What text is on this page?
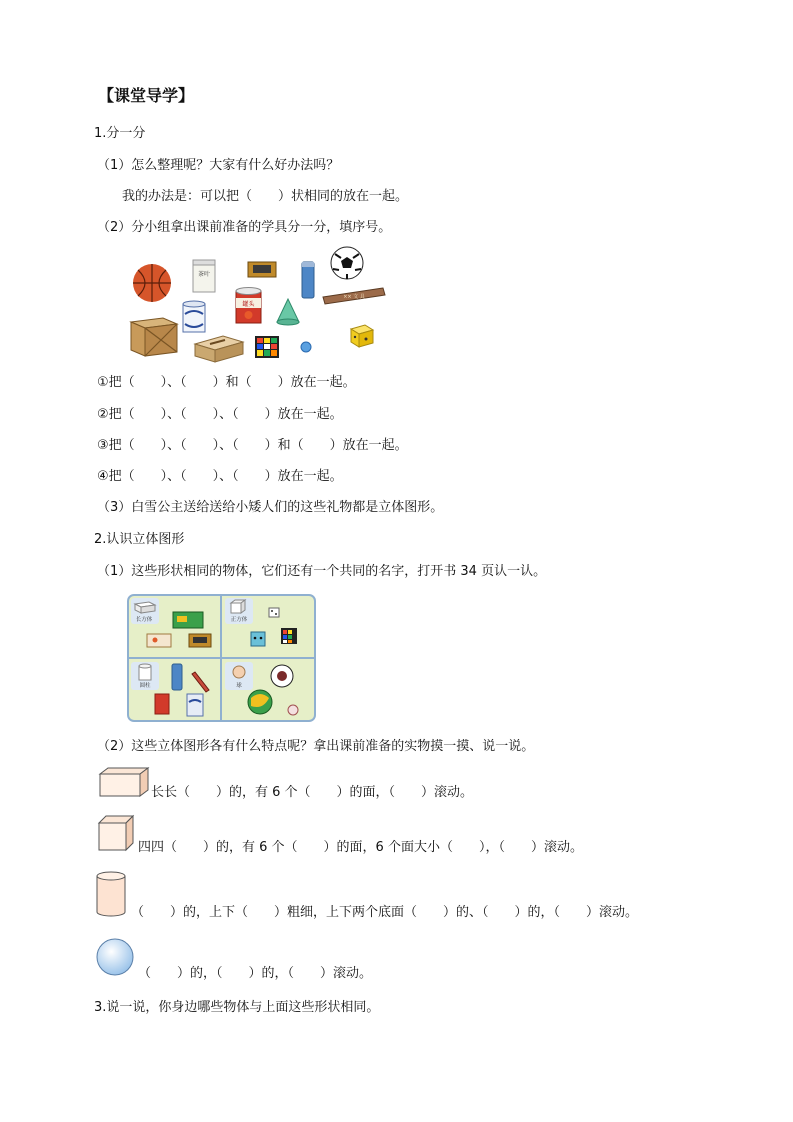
【课堂导学】
1.分一分
（1）怎么整理呢？大家有什么好办法吗？
我的办法是：可以把（　　）状相同的放在一起。
（2）分小组拿出课前准备的学具分一分，填序号。
茶叶
×× 文 具
罐头
①把（　　）、（　　）和（　　）放在一起。
②把（　　）、（　　）、（　　）放在一起。
③把（　　）、（　　）、（　　）和（　　）放在一起。
④把（　　）、（　　）、（　　）放在一起。
（3）白雪公主送给送给小矮人们的这些礼物都是立体图形。
2.认识立体图形
（1）这些形状相同的物体，它们还有一个共同的名字，打开书 34 页认一认。
长方体	正方体
圆柱	球
（2）这些立体图形各有什么特点呢？拿出课前准备的实物摸一摸、说一说。
长长（　　）的，有 6 个（　　）的面，（　　）滚动。
四四（　　）的，有 6 个（　　）的面，6 个面大小（　　），（　　）滚动。
（　　）的，上下（　　）粗细，上下两个底面（　　）的、（　　）的，（　　）滚动。
（　　）的，（　　）的，（　　）滚动。
3.说一说，你身边哪些物体与上面这些形状相同。
